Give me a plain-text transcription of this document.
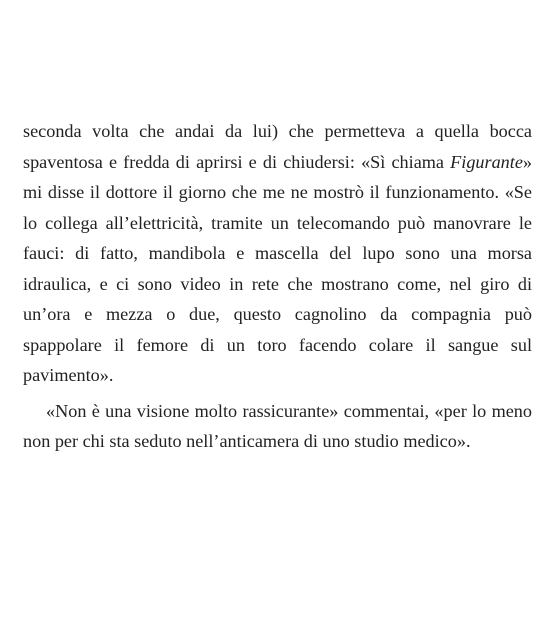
seconda volta che andai da lui) che permetteva a quella bocca spaventosa e fredda di aprirsi e di chiudersi: «Sì chiama Figurante» mi disse il dottore il giorno che me ne mostrò il funzionamento. «Se lo collega all’elettricità, tramite un telecomando può manovrare le fauci: di fatto, mandibola e mascella del lupo sono una morsa idraulica, e ci sono video in rete che mostrano come, nel giro di un’ora e mezza o due, questo cagnolino da compagnia può spappolare il femore di un toro facendo colare il sangue sul pavimento».

«Non è una visione molto rassicurante» commentai, «per lo meno non per chi sta seduto nell’anticamera di uno studio medico».
